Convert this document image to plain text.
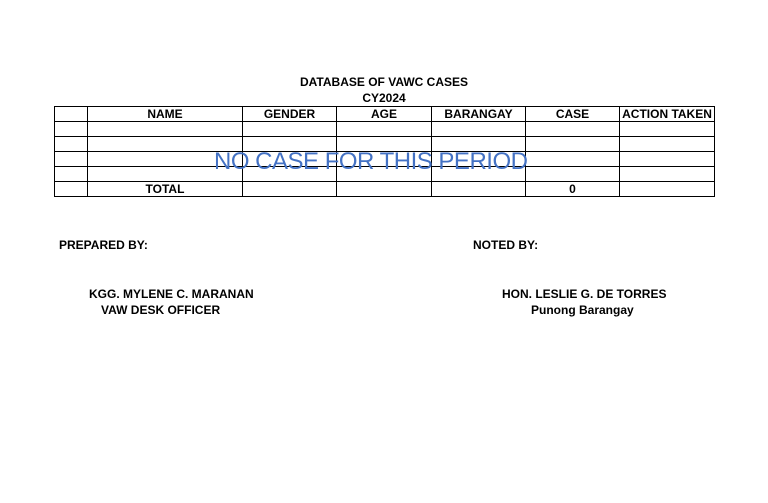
DATABASE OF VAWC CASES
CY2024
	NAME	GENDER	AGE	BARANGAY	CASE	ACTION TAKEN

	TOTAL				0	
NO CASE FOR THIS PERIOD
PREPARED BY:	NOTED BY:
KGG. MYLENE C. MARANAN
VAW DESK OFFICER
HON. LESLIE G. DE TORRES
Punong Barangay
